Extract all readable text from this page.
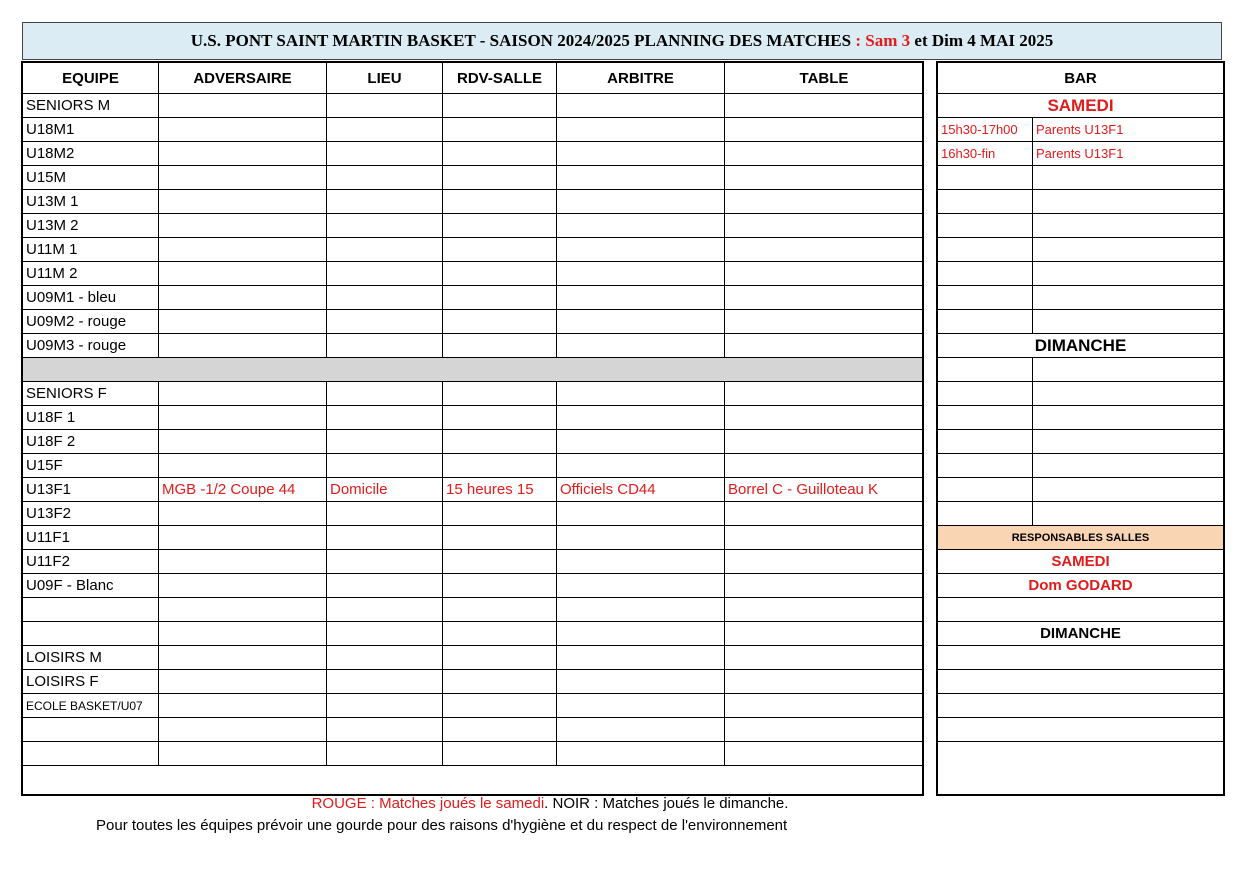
U.S. PONT SAINT MARTIN BASKET - SAISON 2024/2025 PLANNING DES MATCHES : Sam 3 et Dim 4 MAI 2025
EQUIPE	ADVERSAIRE	LIEU	RDV-SALLE	ARBITRE	TABLE
SENIORS M					
U18M1					
U18M2					
U15M					
U13M 1					
U13M 2					
U11M 1					
U11M 2					
U09M1 - bleu					
U09M2 - rouge					
U09M3 - rouge					

SENIORS F					
U18F 1					
U18F 2					
U15F					
U13F1	MGB -1/2 Coupe 44	Domicile	15 heures 15	Officiels CD44	Borrel C - Guilloteau K
U13F2					
U11F1					
U11F2					
U09F - Blanc					

LOISIRS M					
LOISIRS F					
ECOLE BASKET/U07					

BAR	
SAMEDI	
15h30-17h00	Parents U13F1
16h30-fin	Parents U13F1

DIMANCHE	

RESPONSABLES SALLES	
SAMEDI	
Dom GODARD	

DIMANCHE	

ROUGE : Matches joués le samedi. NOIR : Matches joués le dimanche.
Pour toutes les équipes prévoir une gourde pour des raisons d'hygiène et du respect de l'environnement
